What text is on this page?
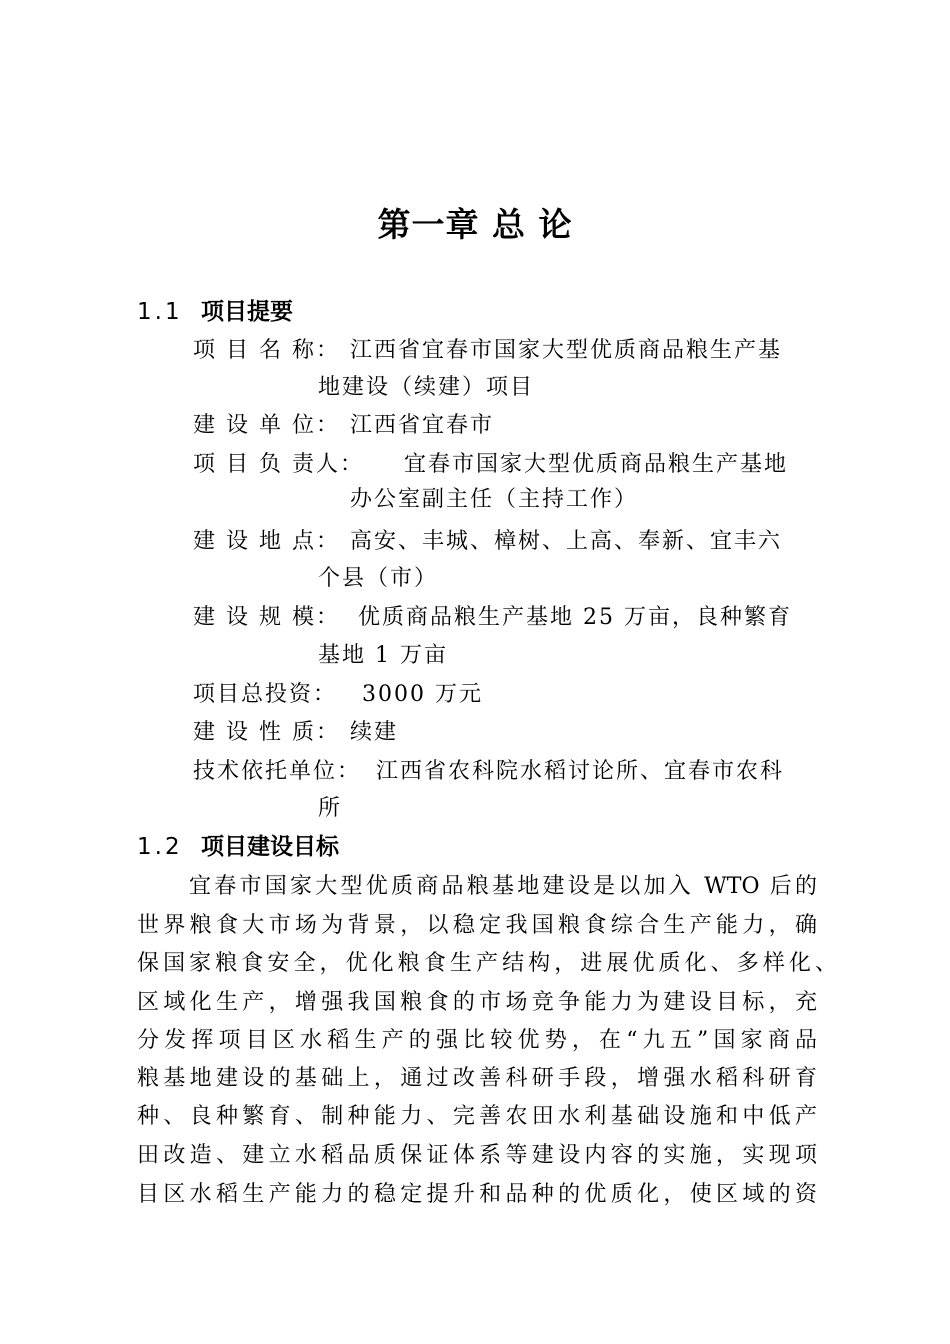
第一章 总 论
1.1 项目提要
项 目 名 称： 江西省宜春市国家大型优质商品粮生产基
地建设（续建）项目
建 设 单 位： 江西省宜春市
项 目 负 责人： 宜春市国家大型优质商品粮生产基地
办公室副主任（主持工作）
建 设 地 点： 高安、丰城、樟树、上高、奉新、宜丰六
个县（市）
建 设 规 模： 优质商品粮生产基地 25 万亩，良种繁育
基地 1 万亩
项目总投资： 3000 万元
建 设 性 质： 续建
技术依托单位： 江西省农科院水稻讨论所、宜春市农科
所
1.2 项目建设目标
宜春市国家大型优质商品粮基地建设是以加入 WTO 后的
世界粮食大市场为背景，以稳定我国粮食综合生产能力，确
保国家粮食安全，优化粮食生产结构，进展优质化、多样化、
区域化生产，增强我国粮食的市场竞争能力为建设目标，充
分发挥项目区水稻生产的强比较优势，在“九五”国家商品
粮基地建设的基础上，通过改善科研手段，增强水稻科研育
种、良种繁育、制种能力、完善农田水利基础设施和中低产
田改造、建立水稻品质保证体系等建设内容的实施，实现项
目区水稻生产能力的稳定提升和品种的优质化，使区域的资
